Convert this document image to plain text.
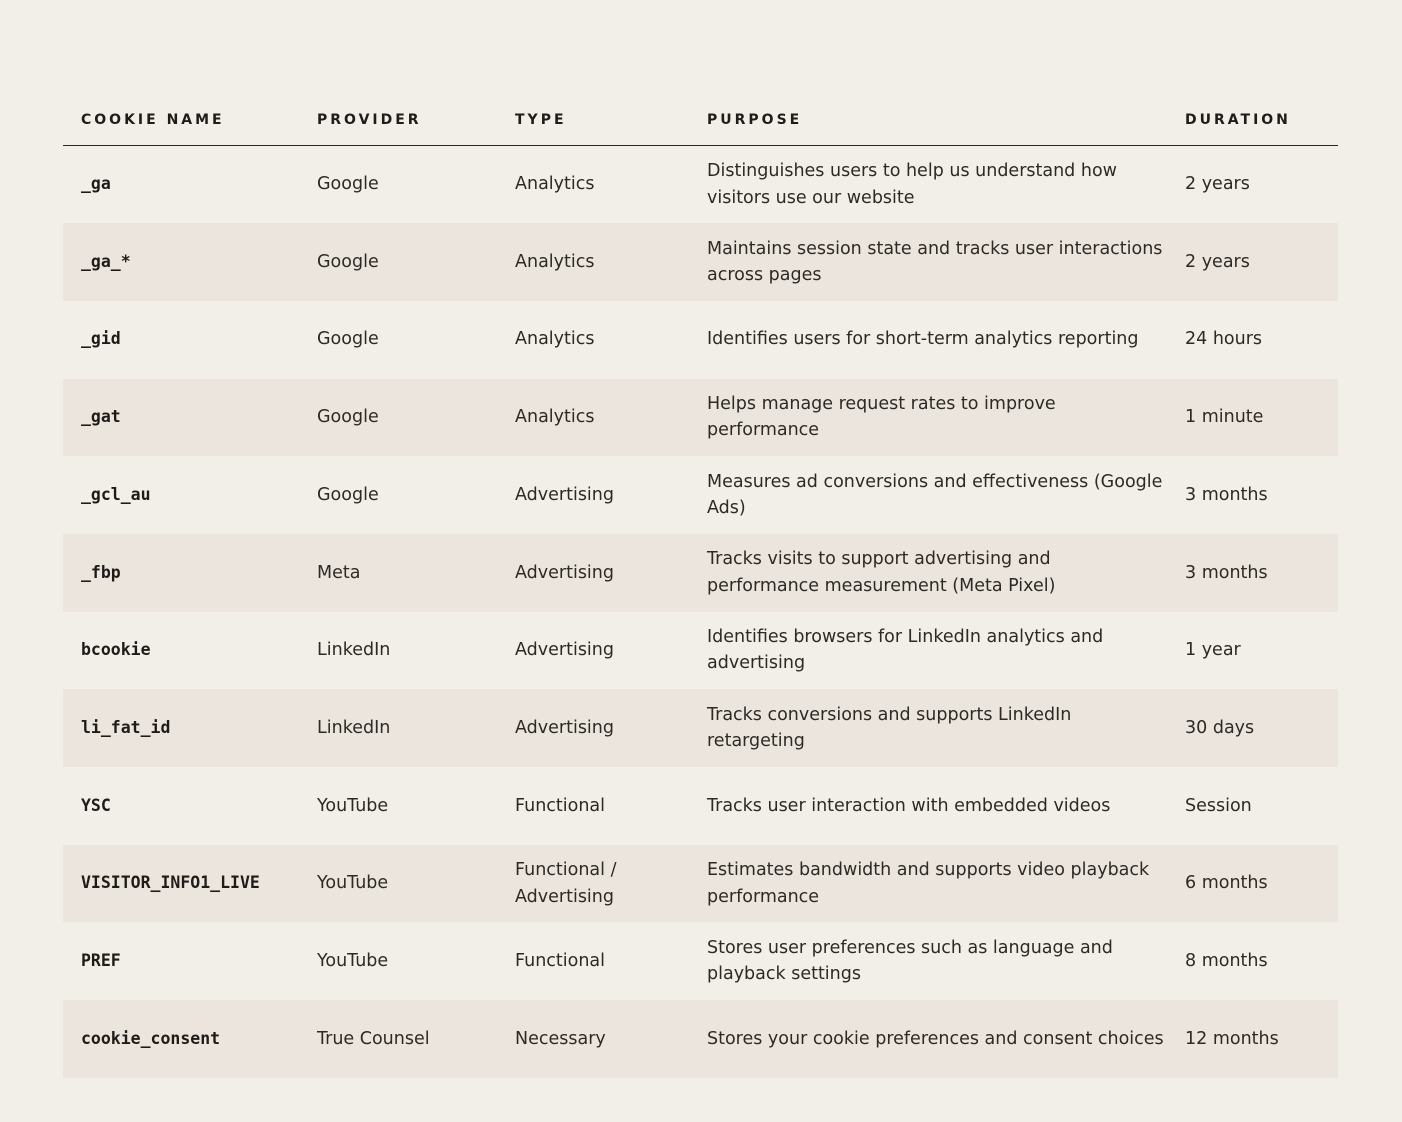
COOKIE NAME	PROVIDER	TYPE	PURPOSE	DURATION
_ga	Google	Analytics	Distinguishes users to help us understand how visitors use our website	2 years
_ga_*	Google	Analytics	Maintains session state and tracks user interactions across pages	2 years
_gid	Google	Analytics	Identifies users for short-term analytics reporting	24 hours
_gat	Google	Analytics	Helps manage request rates to improve performance	1 minute
_gcl_au	Google	Advertising	Measures ad conversions and effectiveness (Google Ads)	3 months
_fbp	Meta	Advertising	Tracks visits to support advertising and performance measurement (Meta Pixel)	3 months
bcookie	LinkedIn	Advertising	Identifies browsers for LinkedIn analytics and advertising	1 year
li_fat_id	LinkedIn	Advertising	Tracks conversions and supports LinkedIn retargeting	30 days
YSC	YouTube	Functional	Tracks user interaction with embedded videos	Session
VISITOR_INFO1_LIVE	YouTube	Functional / Advertising	Estimates bandwidth and supports video playback performance	6 months
PREF	YouTube	Functional	Stores user preferences such as language and playback settings	8 months
cookie_consent	True Counsel	Necessary	Stores your cookie preferences and consent choices	12 months
